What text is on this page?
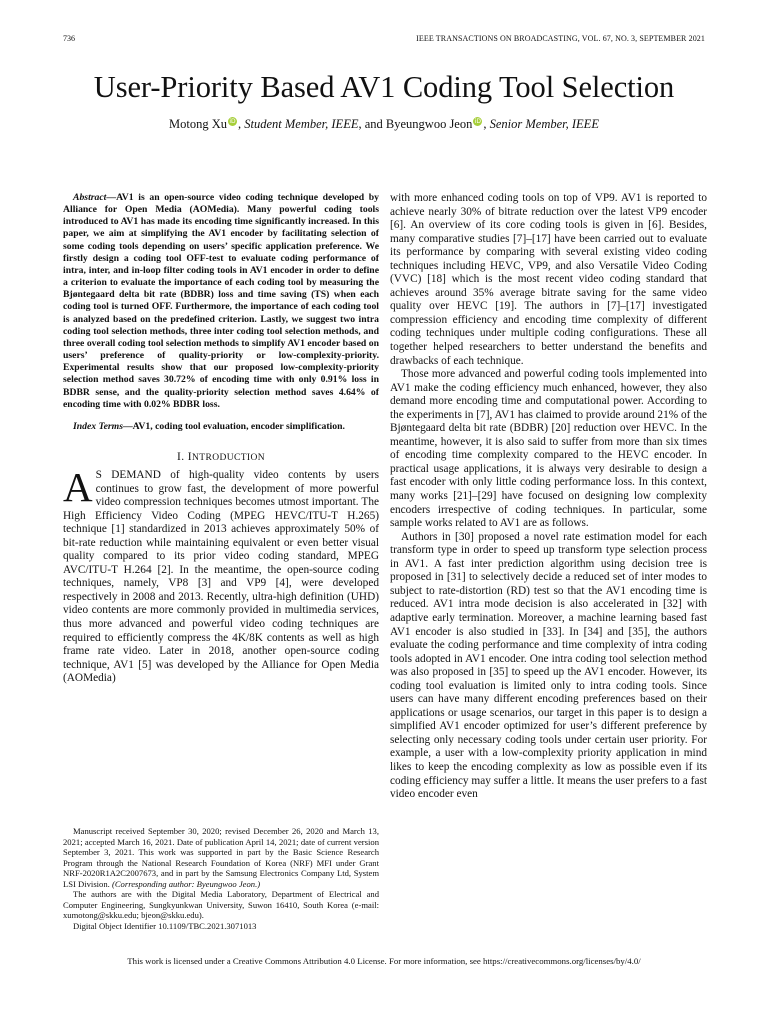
736	IEEE TRANSACTIONS ON BROADCASTING, VOL. 67, NO. 3, SEPTEMBER 2021
User-Priority Based AV1 Coding Tool Selection
Motong Xu iD , Student Member, IEEE, and Byeungwoo Jeon iD , Senior Member, IEEE

Abstract—AV1 is an open-source video coding technique developed by Alliance for Open Media (AOMedia). Many powerful coding tools introduced to AV1 has made its encoding time significantly increased. In this paper, we aim at simplifying the AV1 encoder by facilitating selection of some coding tools depending on users’ specific application preference. We firstly design a coding tool OFF-test to evaluate coding performance of intra, inter, and in-loop filter coding tools in AV1 encoder in order to define a criterion to evaluate the importance of each coding tool by measuring the Bjøntegaard delta bit rate (BDBR) loss and time saving (TS) when each coding tool is turned OFF. Furthermore, the importance of each coding tool is analyzed based on the predefined criterion. Lastly, we suggest two intra coding tool selection methods, three inter coding tool selection methods, and three overall coding tool selection methods to simplify AV1 encoder based on users’ preference of quality-priority or low-complexity-priority. Experimental results show that our proposed low-complexity-priority selection method saves 30.72% of encoding time with only 0.91% loss in BDBR sense, and the quality-priority selection method saves 4.64% of encoding time with 0.02% BDBR loss.

Index Terms—AV1, coding tool evaluation, encoder simplification.

I. INTRODUCTION

A S DEMAND of high-quality video contents by users continues to grow fast, the development of more powerful video compression techniques becomes utmost important. The High Efficiency Video Coding (MPEG HEVC/ITU-T H.265) technique [1] standardized in 2013 achieves approximately 50% of bit-rate reduction while maintaining equivalent or even better visual quality compared to its prior video coding standard, MPEG AVC/ITU-T H.264 [2]. In the meantime, the open-source coding techniques, namely, VP8 [3] and VP9 [4], were developed respectively in 2008 and 2013. Recently, ultra-high definition (UHD) video contents are more commonly provided in multimedia services, thus more advanced and powerful video coding techniques are required to efficiently compress the 4K/8K contents as well as high frame rate video. Later in 2018, another open-source coding technique, AV1 [5] was developed by the Alliance for Open Media (AOMedia)

with more enhanced coding tools on top of VP9. AV1 is reported to achieve nearly 30% of bitrate reduction over the latest VP9 encoder [6]. An overview of its core coding tools is given in [6]. Besides, many comparative studies [7]–[17] have been carried out to evaluate its performance by comparing with several existing video coding techniques including HEVC, VP9, and also Versatile Video Coding (VVC) [18] which is the most recent video coding standard that achieves around 35% average bitrate saving for the same video quality over HEVC [19]. The authors in [7]–[17] investigated compression efficiency and encoding time complexity of different coding techniques under multiple coding configurations. These all together helped researchers to better understand the benefits and drawbacks of each technique.

Those more advanced and powerful coding tools implemented into AV1 make the coding efficiency much enhanced, however, they also demand more encoding time and computational power. According to the experiments in [7], AV1 has claimed to provide around 21% of the Bjøntegaard delta bit rate (BDBR) [20] reduction over HEVC. In the meantime, however, it is also said to suffer from more than six times of encoding time complexity compared to the HEVC encoder. In practical usage applications, it is always very desirable to design a fast encoder with only little coding performance loss. In this context, many works [21]–[29] have focused on designing low complexity encoders irrespective of coding techniques. In particular, some sample works related to AV1 are as follows.

Authors in [30] proposed a novel rate estimation model for each transform type in order to speed up transform type selection process in AV1. A fast inter prediction algorithm using decision tree is proposed in [31] to selectively decide a reduced set of inter modes to subject to rate-distortion (RD) test so that the AV1 encoding time is reduced. AV1 intra mode decision is also accelerated in [32] with adaptive early termination. Moreover, a machine learning based fast AV1 encoder is also studied in [33]. In [34] and [35], the authors evaluate the coding performance and time complexity of intra coding tools adopted in AV1 encoder. One intra coding tool selection method was also proposed in [35] to speed up the AV1 encoder. However, its coding tool evaluation is limited only to intra coding tools. Since users can have many different encoding preferences based on their applications or usage scenarios, our target in this paper is to design a simplified AV1 encoder optimized for user’s different preference by selecting only necessary coding tools under certain user priority. For example, a user with a low-complexity priority application in mind likes to keep the encoding complexity as low as possible even if its coding efficiency may suffer a little. It means the user prefers to a fast video encoder even

Manuscript received September 30, 2020; revised December 26, 2020 and March 13, 2021; accepted March 16, 2021. Date of publication April 14, 2021; date of current version September 3, 2021. This work was supported in part by the Basic Science Research Program through the National Research Foundation of Korea (NRF) MFI under Grant NRF-2020R1A2C2007673, and in part by the Samsung Electronics Company Ltd, System LSI Division. (Corresponding author: Byeungwoo Jeon.)

The authors are with the Digital Media Laboratory, Department of Electrical and Computer Engineering, Sungkyunkwan University, Suwon 16410, South Korea (e-mail: xumotong@skku.edu; bjeon@skku.edu).

Digital Object Identifier 10.1109/TBC.2021.3071013

This work is licensed under a Creative Commons Attribution 4.0 License. For more information, see https://creativecommons.org/licenses/by/4.0/
